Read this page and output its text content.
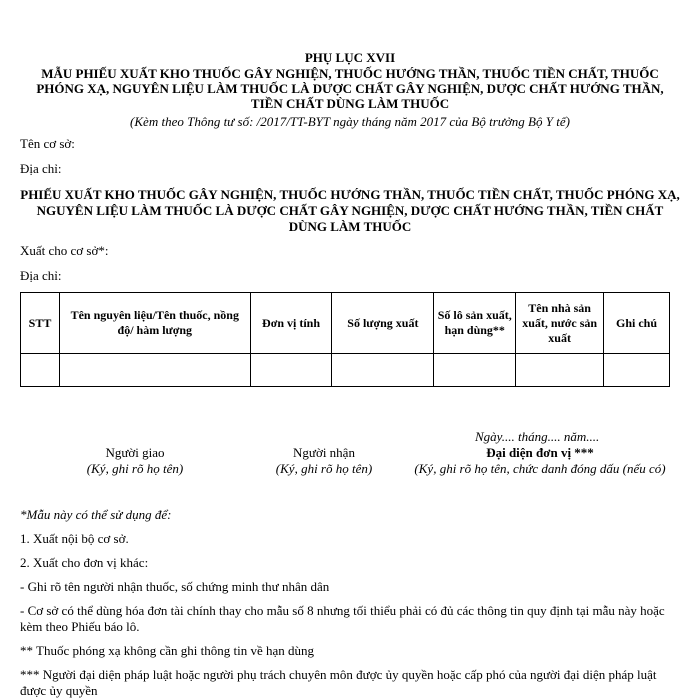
PHỤ LỤC XVII
MẪU PHIẾU XUẤT KHO THUỐC GÂY NGHIỆN, THUỐC HƯỚNG THẦN, THUỐC TIỀN CHẤT, THUỐC PHÓNG XẠ, NGUYÊN LIỆU LÀM THUỐC LÀ DƯỢC CHẤT GÂY NGHIỆN, DƯỢC CHẤT HƯỚNG THẦN, TIỀN CHẤT DÙNG LÀM THUỐC
(Kèm theo Thông tư số: /2017/TT-BYT ngày tháng năm 2017 của Bộ trưởng Bộ Y tế)
Tên cơ sở:
Địa chỉ:
PHIẾU XUẤT KHO THUỐC GÂY NGHIỆN, THUỐC HƯỚNG THẦN, THUỐC TIỀN CHẤT, THUỐC PHÓNG XẠ, NGUYÊN LIỆU LÀM THUỐC LÀ DƯỢC CHẤT GÂY NGHIỆN, DƯỢC CHẤT HƯỚNG THẦN, TIỀN CHẤT DÙNG LÀM THUỐC
Xuất cho cơ sở*:
Địa chỉ:
STT	Tên nguyên liệu/Tên thuốc, nồng độ/ hàm lượng	Đơn vị tính	Số lượng xuất	Số lô sản xuất, hạn dùng**	Tên nhà sản xuất, nước sản xuất	Ghi chú

Ngày.... tháng.... năm....
Người giao
(Ký, ghi rõ họ tên)
Người nhận
(Ký, ghi rõ họ tên)
Đại diện đơn vị ***
(Ký, ghi rõ họ tên, chức danh đóng dấu (nếu có)
*Mẫu này có thể sử dụng để:
1. Xuất nội bộ cơ sở.
2. Xuất cho đơn vị khác:
- Ghi rõ tên người nhận thuốc, số chứng minh thư nhân dân
- Cơ sở có thể dùng hóa đơn tài chính thay cho mẫu số 8 nhưng tối thiểu phải có đủ các thông tin quy định tại mẫu này hoặc kèm theo Phiếu báo lô.
** Thuốc phóng xạ không cần ghi thông tin về hạn dùng
*** Người đại diện pháp luật hoặc người phụ trách chuyên môn được ủy quyền hoặc cấp phó của người đại diện pháp luật được ủy quyền
